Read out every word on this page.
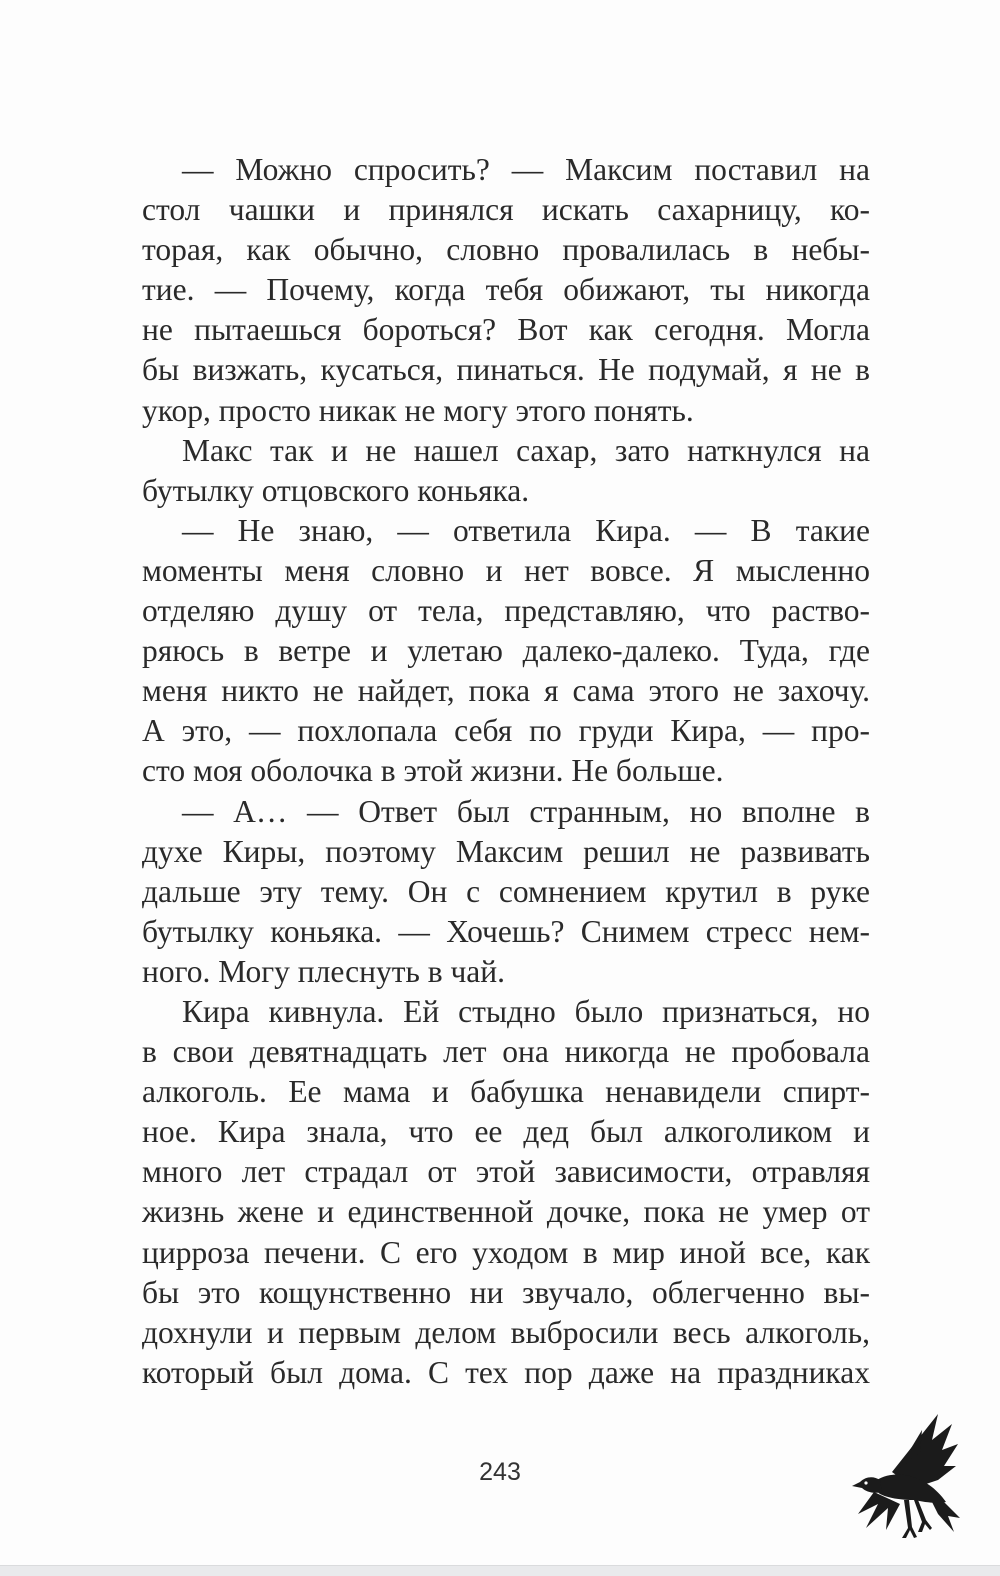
— Можно спросить? — Максим поставил на
стол чашки и принялся искать сахарницу, ко-
торая, как обычно, словно провалилась в небы-
тие. — Почему, когда тебя обижают, ты никогда
не пытаешься бороться? Вот как сегодня. Могла
бы визжать, кусаться, пинаться. Не подумай, я не в
укор, просто никак не могу этого понять.
Макс так и не нашел сахар, зато наткнулся на
бутылку отцовского коньяка.
— Не знаю, — ответила Кира. — В такие
моменты меня словно и нет вовсе. Я мысленно
отделяю душу от тела, представляю, что раство-
ряюсь в ветре и улетаю далеко-далеко. Туда, где
меня никто не найдет, пока я сама этого не захочу.
А это, — похлопала себя по груди Кира, — про-
сто моя оболочка в этой жизни. Не больше.
— А… — Ответ был странным, но вполне в
духе Киры, поэтому Максим решил не развивать
дальше эту тему. Он с сомнением крутил в руке
бутылку коньяка. — Хочешь? Снимем стресс нем-
ного. Могу плеснуть в чай.
Кира кивнула. Ей стыдно было признаться, но
в свои девятнадцать лет она никогда не пробовала
алкоголь. Ее мама и бабушка ненавидели спирт-
ное. Кира знала, что ее дед был алкоголиком и
много лет страдал от этой зависимости, отравляя
жизнь жене и единственной дочке, пока не умер от
цирроза печени. С его уходом в мир иной все, как
бы это кощунственно ни звучало, облегченно вы-
дохнули и первым делом выбросили весь алкоголь,
который был дома. С тех пор даже на праздниках
243
